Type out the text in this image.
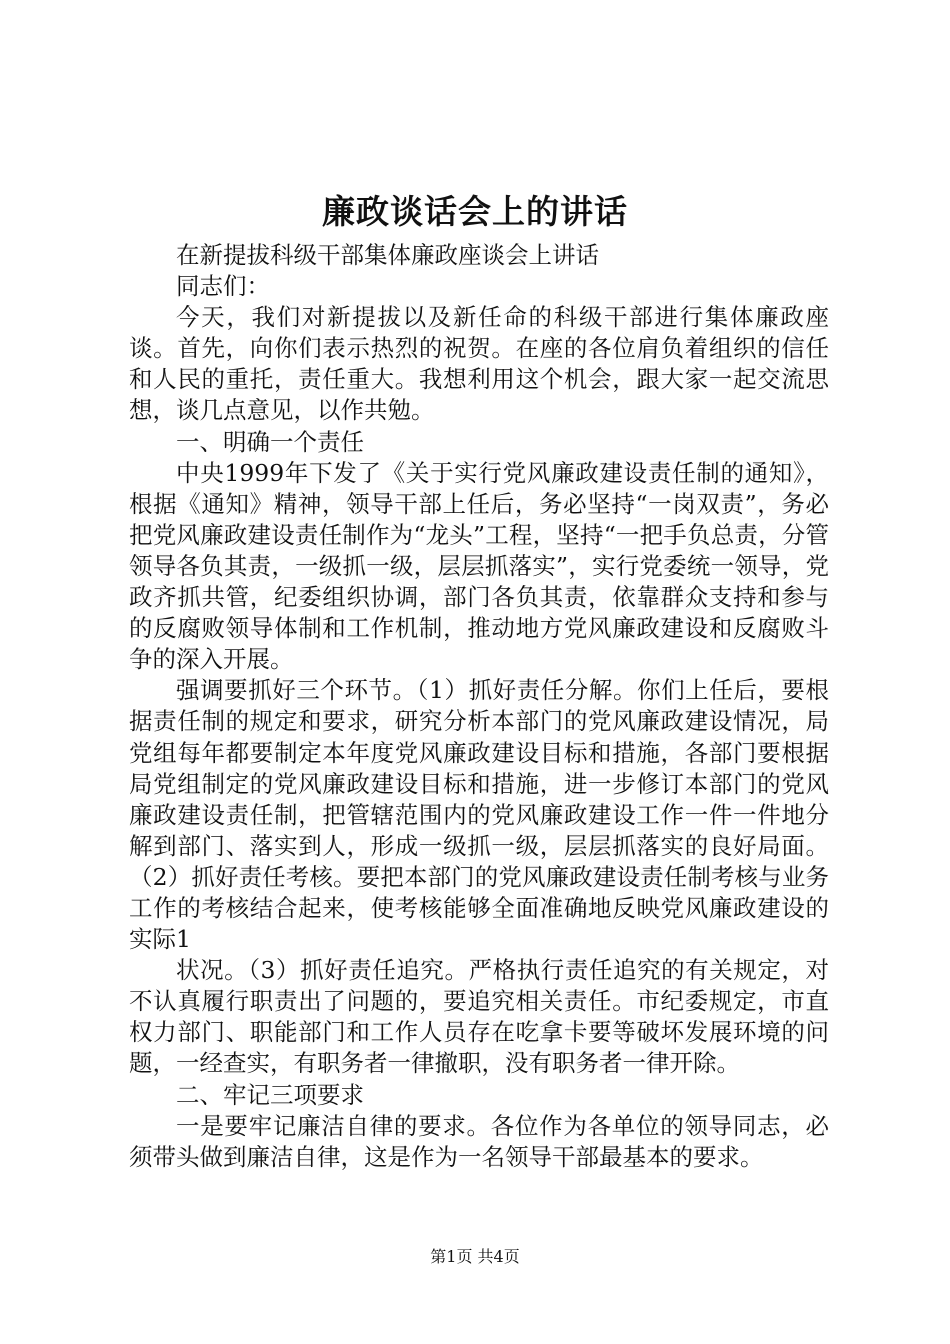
廉政谈话会上的讲话

在新提拔科级干部集体廉政座谈会上讲话

同志们：

今天，我们对新提拔以及新任命的科级干部进行集体廉政座谈。首先，向你们表示热烈的祝贺。在座的各位肩负着组织的信任和人民的重托，责任重大。我想利用这个机会，跟大家一起交流思想，谈几点意见，以作共勉。

一、明确一个责任

中央1999年下发了《关于实行党风廉政建设责任制的通知》，根据《通知》精神，领导干部上任后，务必坚持“一岗双责”，务必把党风廉政建设责任制作为“龙头”工程，坚持“一把手负总责，分管领导各负其责，一级抓一级，层层抓落实”，实行党委统一领导，党政齐抓共管，纪委组织协调，部门各负其责，依靠群众支持和参与的反腐败领导体制和工作机制，推动地方党风廉政建设和反腐败斗争的深入开展。

强调要抓好三个环节。（1）抓好责任分解。你们上任后，要根据责任制的规定和要求，研究分析本部门的党风廉政建设情况，局党组每年都要制定本年度党风廉政建设目标和措施，各部门要根据局党组制定的党风廉政建设目标和措施，进一步修订本部门的党风廉政建设责任制，把管辖范围内的党风廉政建设工作一件一件地分解到部门、落实到人，形成一级抓一级，层层抓落实的良好局面。（2）抓好责任考核。要把本部门的党风廉政建设责任制考核与业务工作的考核结合起来，使考核能够全面准确地反映党风廉政建设的实际1

状况。（3）抓好责任追究。严格执行责任追究的有关规定，对不认真履行职责出了问题的，要追究相关责任。市纪委规定，市直权力部门、职能部门和工作人员存在吃拿卡要等破坏发展环境的问题，一经查实，有职务者一律撤职，没有职务者一律开除。

二、牢记三项要求

一是要牢记廉洁自律的要求。各位作为各单位的领导同志，必须带头做到廉洁自律，这是作为一名领导干部最基本的要求。

第1页 共4页
